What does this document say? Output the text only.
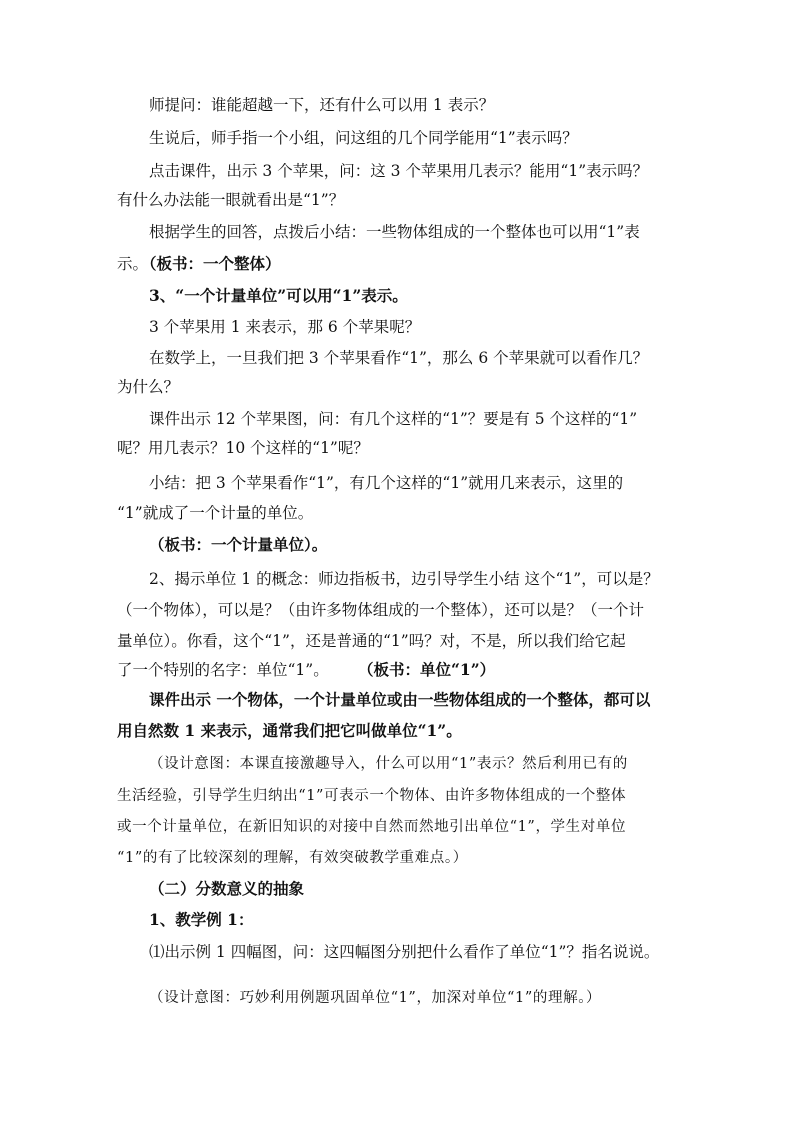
师提问：谁能超越一下，还有什么可以用 1 表示？

生说后，师手指一个小组，问这组的几个同学能用“1”表示吗？

点击课件，出示 3 个苹果，问：这 3 个苹果用几表示？能用“1”表示吗？

有什么办法能一眼就看出是“1”？

根据学生的回答，点拨后小结：一些物体组成的一个整体也可以用“1”表

示。

（板书：一个整体）

3、“一个计量单位”可以用“1”表示。

3 个苹果用 1 来表示，那 6 个苹果呢？

在数学上，一旦我们把 3 个苹果看作“1”，那么 6 个苹果就可以看作几？

为什么？

课件出示 12 个苹果图，问：有几个这样的“1”？要是有 5 个这样的“1”

呢？用几表示？10 个这样的“1”呢？

小结：把 3 个苹果看作“1”，有几个这样的“1”就用几来表示，这里的

“1”就成了一个计量的单位。

（板书：一个计量单位）。

2、揭示单位 1 的概念：师边指板书，边引导学生小结 这个“1”，可以是？

（一个物体），可以是？（由许多物体组成的一个整体），还可以是？（一个计

量单位）。你看，这个“1”，还是普通的“1”吗？对，不是，所以我们给它起

了一个特别的名字：单位“1”。 （板书：单位“1”）

课件出示 一个物体，一个计量单位或由一些物体组成的一个整体，都可以

用自然数 1 来表示，通常我们把它叫做单位“1”。

（设计意图：本课直接激趣导入，什么可以用“1”表示？然后利用已有的

生活经验，引导学生归纳出“1”可表示一个物体、由许多物体组成的一个整体

或一个计量单位，在新旧知识的对接中自然而然地引出单位“1”，学生对单位

“1”的有了比较深刻的理解，有效突破教学重难点。）

（二）分数意义的抽象

1、教学例 1：

⑴出示例 1 四幅图，问：这四幅图分别把什么看作了单位“1”？指名说说。

（设计意图：巧妙利用例题巩固单位“1”，加深对单位“1”的理解。）
